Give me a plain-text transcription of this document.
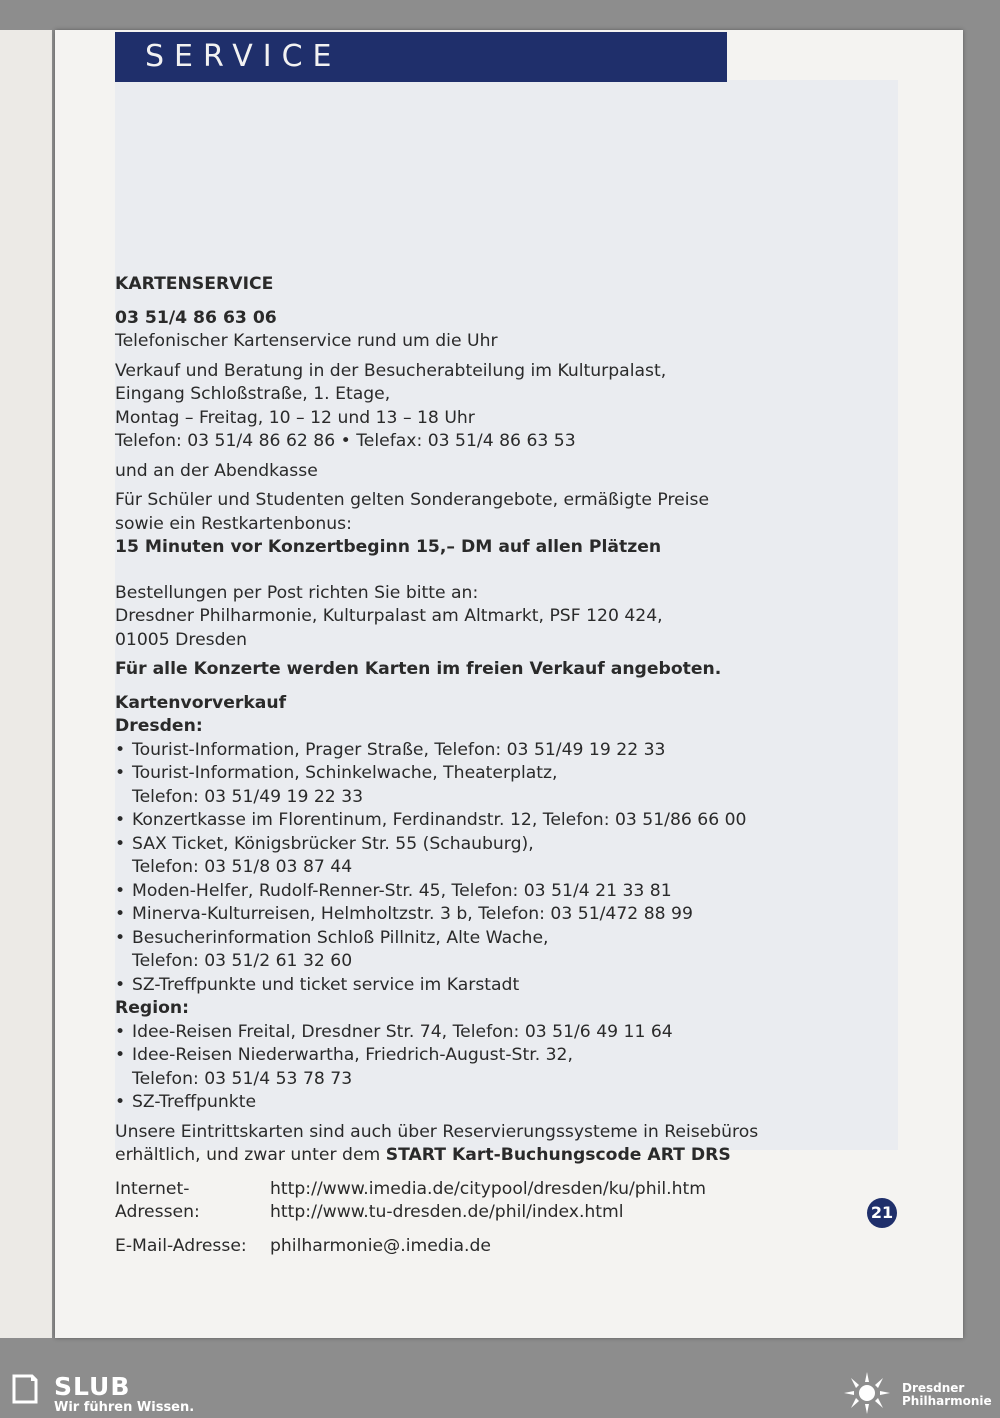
SERVICE

KARTENSERVICE

03 51/4 86 63 06

Telefonischer Kartenservice rund um die Uhr

Verkauf und Beratung in der Besucherabteilung im Kulturpalast,

Eingang Schloßstraße, 1. Etage,

Montag – Freitag, 10 – 12 und 13 – 18 Uhr

Telefon: 03 51/4 86 62 86 • Telefax: 03 51/4 86 63 53

und an der Abendkasse

Für Schüler und Studenten gelten Sonderangebote, ermäßigte Preise

sowie ein Restkartenbonus:

15 Minuten vor Konzertbeginn 15,– DM auf allen Plätzen

Bestellungen per Post richten Sie bitte an:

Dresdner Philharmonie, Kulturpalast am Altmarkt, PSF 120 424,

01005 Dresden

Für alle Konzerte werden Karten im freien Verkauf angeboten.

Kartenvorverkauf

Dresden:

• Tourist-Information, Prager Straße, Telefon: 03 51/49 19 22 33

• Tourist-Information, Schinkelwache, Theaterplatz,

Telefon: 03 51/49 19 22 33

• Konzertkasse im Florentinum, Ferdinandstr. 12, Telefon: 03 51/86 66 00

• SAX Ticket, Königsbrücker Str. 55 (Schauburg),

Telefon: 03 51/8 03 87 44

• Moden-Helfer, Rudolf-Renner-Str. 45, Telefon: 03 51/4 21 33 81

• Minerva-Kulturreisen, Helmholtzstr. 3 b, Telefon: 03 51/472 88 99

• Besucherinformation Schloß Pillnitz, Alte Wache,

Telefon: 03 51/2 61 32 60

• SZ-Treffpunkte und ticket service im Karstadt

Region:

• Idee-Reisen Freital, Dresdner Str. 74, Telefon: 03 51/6 49 11 64

• Idee-Reisen Niederwartha, Friedrich-August-Str. 32,

Telefon: 03 51/4 53 78 73

• SZ-Treffpunkte

Unsere Eintrittskarten sind auch über Reservierungssysteme in Reisebüros

erhältlich, und zwar unter dem START Kart-Buchungscode ART DRS

Internet-Adressen:

http://www.imedia.de/citypool/dresden/ku/phil.htm

http://www.tu-dresden.de/phil/index.html

E-Mail-Adresse:	philharmonie@.imedia.de
21
SLUB
Wir führen Wissen.
Dresdner
Philharmonie
